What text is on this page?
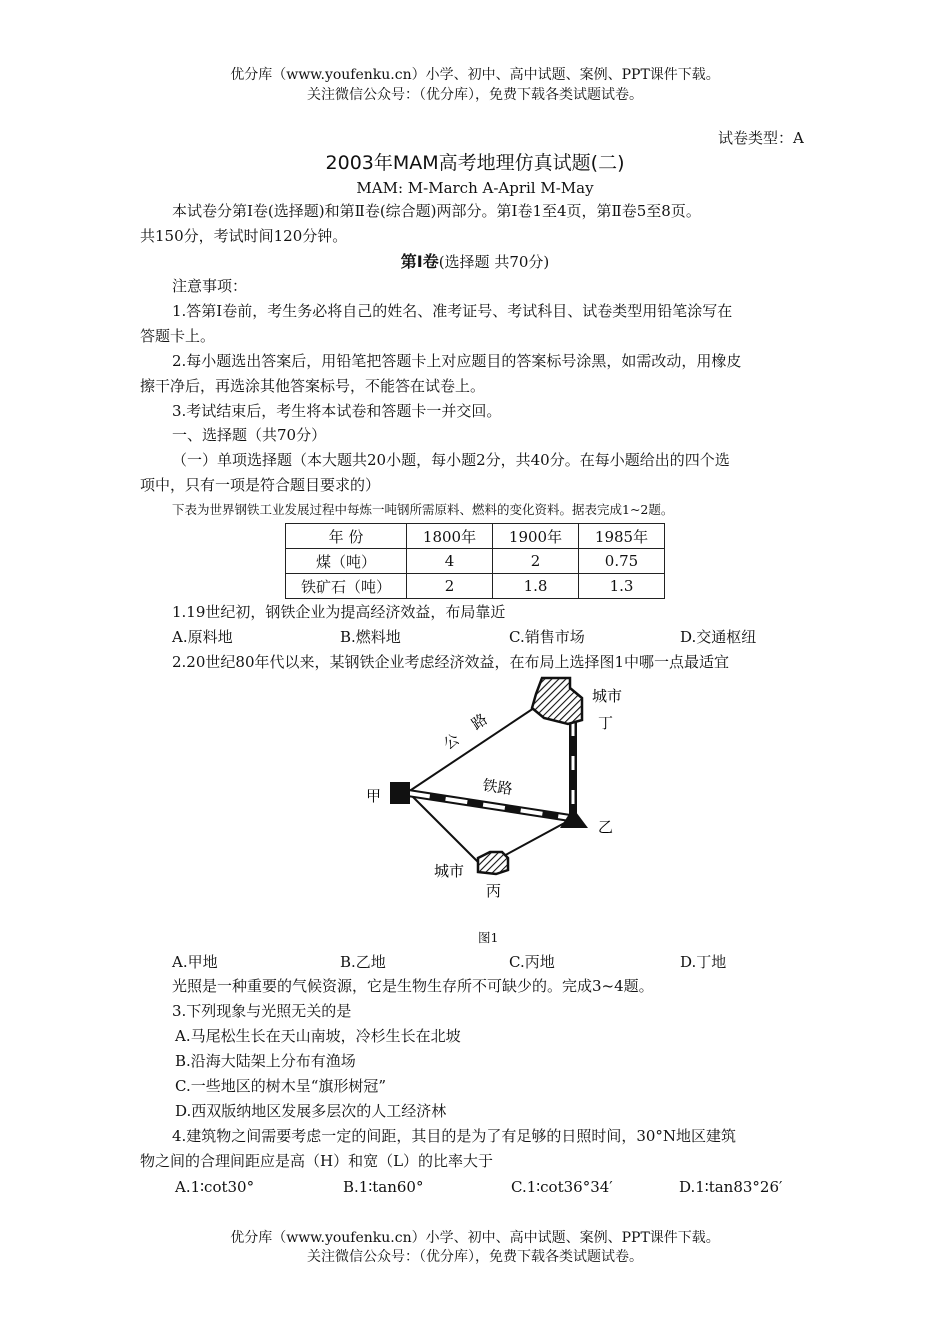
优分库（www.youfenku.cn）小学、初中、高中试题、案例、PPT课件下载。
关注微信公众号：（优分库），免费下载各类试题试卷。
试卷类型：A
2003年MAM高考地理仿真试题(二)
MAM: M-March A-April M-May
本试卷分第Ⅰ卷(选择题)和第Ⅱ卷(综合题)两部分。第Ⅰ卷1至4页，第Ⅱ卷5至8页。
共150分，考试时间120分钟。
第Ⅰ卷(选择题 共70分)
注意事项：
1.答第Ⅰ卷前，考生务必将自己的姓名、准考证号、考试科目、试卷类型用铅笔涂写在
答题卡上。
2.每小题选出答案后，用铅笔把答题卡上对应题目的答案标号涂黑，如需改动，用橡皮
擦干净后，再选涂其他答案标号，不能答在试卷上。
3.考试结束后，考生将本试卷和答题卡一并交回。
一、选择题（共70分）
（一）单项选择题（本大题共20小题，每小题2分，共40分。在每小题给出的四个选
项中，只有一项是符合题目要求的）
下表为世界钢铁工业发展过程中每炼一吨钢所需原料、燃料的变化资料。据表完成1~2题。
年 份	1800年	1900年	1985年
煤（吨）	4	2	0.75
铁矿石（吨）	2	1.8	1.3
1.19世纪初，钢铁企业为提高经济效益，布局靠近
A.原料地	B.燃料地	C.销售市场	D.交通枢纽
2.20世纪80年代以来，某钢铁企业考虑经济效益，在布局上选择图1中哪一点最适宜
公
路
铁路
城市
丁
甲
乙
城市
丙
图1
A.甲地	B.乙地	C.丙地	D.丁地
光照是一种重要的气候资源，它是生物生存所不可缺少的。完成3~4题。
3.下列现象与光照无关的是
A.马尾松生长在天山南坡，冷杉生长在北坡
B.沿海大陆架上分布有渔场
C.一些地区的树木呈“旗形树冠”
D.西双版纳地区发展多层次的人工经济林
4.建筑物之间需要考虑一定的间距，其目的是为了有足够的日照时间，30°N地区建筑
物之间的合理间距应是高（H）和宽（L）的比率大于
A.1∶cot30°	B.1∶tan60°	C.1∶cot36°34′	D.1∶tan83°26′
优分库（www.youfenku.cn）小学、初中、高中试题、案例、PPT课件下载。
关注微信公众号：（优分库），免费下载各类试题试卷。
